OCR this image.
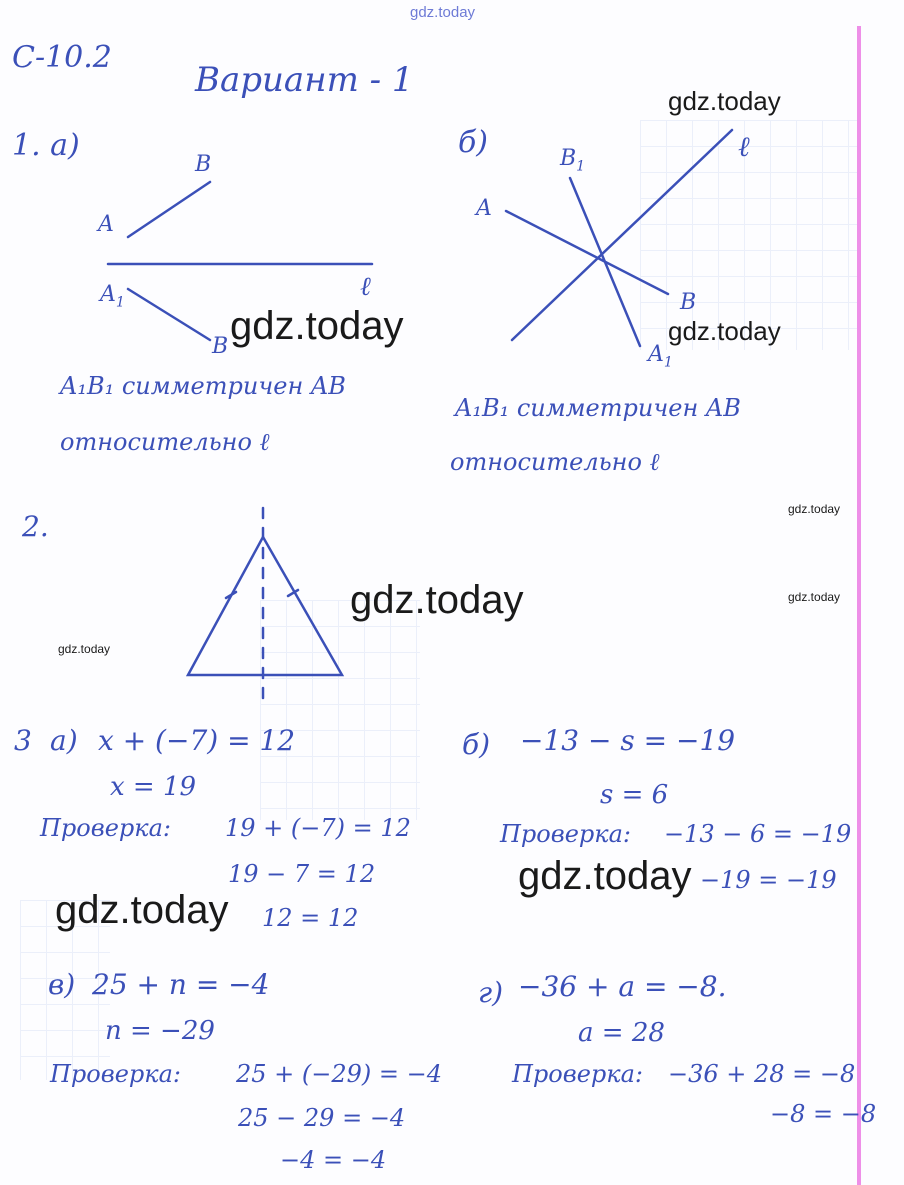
gdz.today
С-10.2
Вариант - 1
1. а)	б)
B
A
ℓ
$A_1$
B
A₁B₁ симметричен AB
относительно ℓ
$B_1$
ℓ
A
B
$A_1$
A₁B₁ симметричен AB
относительно ℓ
2.
3 а) x + (−7) = 12
x = 19
Проверка: 19 + (−7) = 12
19 − 7 = 12
12 = 12
б) −13 − s = −19
s = 6
Проверка: −13 − 6 = −19
−19 = −19
в) 25 + n = −4
n = −29
Проверка: 25 + (−29) = −4
25 − 29 = −4
−4 = −4
г) −36 + a = −8.
a = 28
Проверка: −36 + 28 = −8
−8 = −8
gdz.today
gdz.today	gdz.today
gdz.today
gdz.today	gdz.today
gdz.today
gdz.today
gdz.today
